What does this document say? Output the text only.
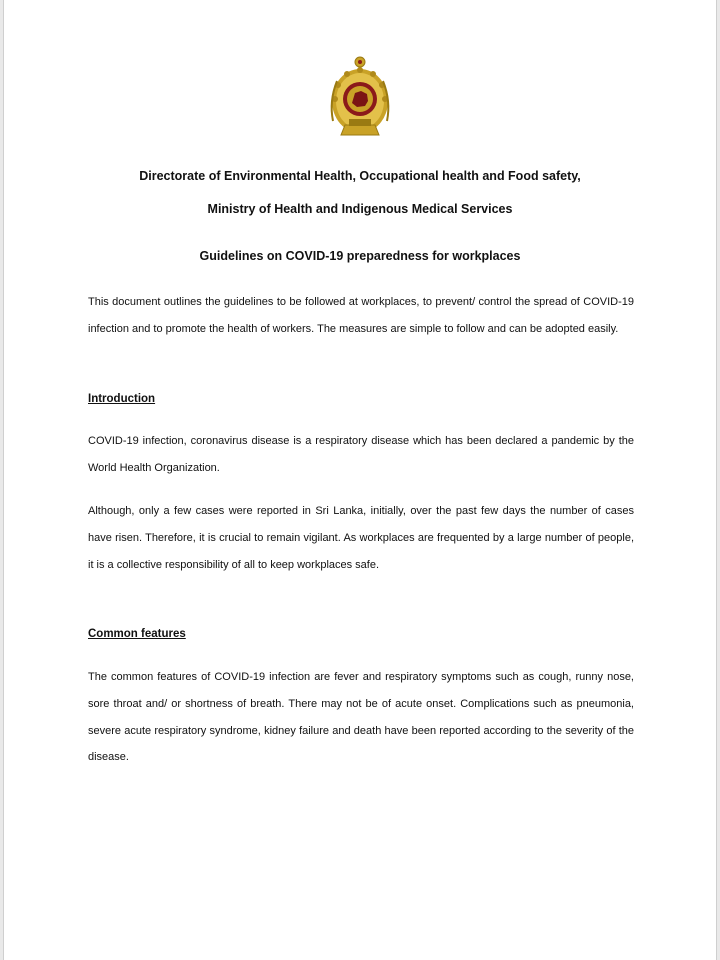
Directorate of Environmental Health, Occupational health and Food safety,
Ministry of Health and Indigenous Medical Services
Guidelines on COVID-19 preparedness for workplaces

This document outlines the guidelines to be followed at workplaces, to prevent/ control the spread of COVID-19 infection and to promote the health of workers. The measures are simple to follow and can be adopted easily.

Introduction

COVID-19 infection, coronavirus disease is a respiratory disease which has been declared a pandemic by the World Health Organization.

Although, only a few cases were reported in Sri Lanka, initially, over the past few days the number of cases have risen. Therefore, it is crucial to remain vigilant. As workplaces are frequented by a large number of people, it is a collective responsibility of all to keep workplaces safe.

Common features

The common features of COVID-19 infection are fever and respiratory symptoms such as cough, runny nose, sore throat and/ or shortness of breath. There may not be of acute onset. Complications such as pneumonia, severe acute respiratory syndrome, kidney failure and death have been reported according to the severity of the disease.
